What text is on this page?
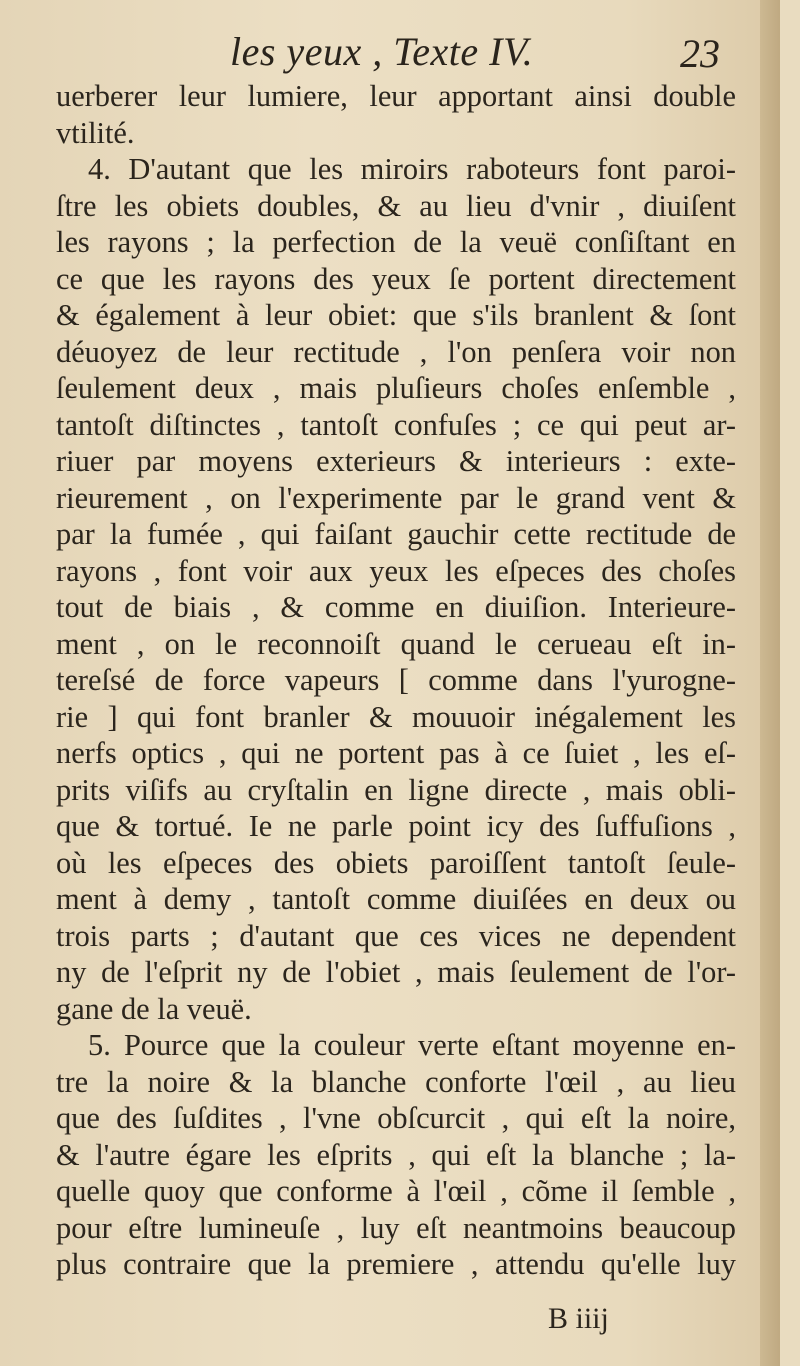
les yeux , Texte IV.	23
uerberer leur lumiere, leur apportant ainsi double
vtilité.
4. D'autant que les miroirs raboteurs font paroi-
ſtre les obiets doubles, & au lieu d'vnir , diuiſent
les rayons ; la perfection de la veuë conſiſtant en
ce que les rayons des yeux ſe portent directement
& également à leur obiet: que s'ils branlent & ſont
déuoyez de leur rectitude , l'on penſera voir non
ſeulement deux , mais pluſieurs choſes enſemble ,
tantoſt diſtinctes , tantoſt confuſes ; ce qui peut ar-
riuer par moyens exterieurs & interieurs : exte-
rieurement , on l'experimente par le grand vent &
par la fumée , qui faiſant gauchir cette rectitude de
rayons , font voir aux yeux les eſpeces des choſes
tout de biais , & comme en diuiſion. Interieure-
ment , on le reconnoiſt quand le cerueau eſt in-
tereſsé de force vapeurs [ comme dans l'yurogne-
rie ] qui font branler & mouuoir inégalement les
nerfs optics , qui ne portent pas à ce ſuiet , les eſ-
prits viſifs au cryſtalin en ligne directe , mais obli-
que & tortué. Ie ne parle point icy des ſuffuſions ,
où les eſpeces des obiets paroiſſent tantoſt ſeule-
ment à demy , tantoſt comme diuiſées en deux ou
trois parts ; d'autant que ces vices ne dependent
ny de l'eſprit ny de l'obiet , mais ſeulement de l'or-
gane de la veuë.
5. Pource que la couleur verte eſtant moyenne en-
tre la noire & la blanche conforte l'œil , au lieu
que des ſuſdites , l'vne obſcurcit , qui eſt la noire,
& l'autre égare les eſprits , qui eſt la blanche ; la-
quelle quoy que conforme à l'œil , cõme il ſemble ,
pour eſtre lumineuſe , luy eſt neantmoins beaucoup
plus contraire que la premiere , attendu qu'elle luy
B iiij
